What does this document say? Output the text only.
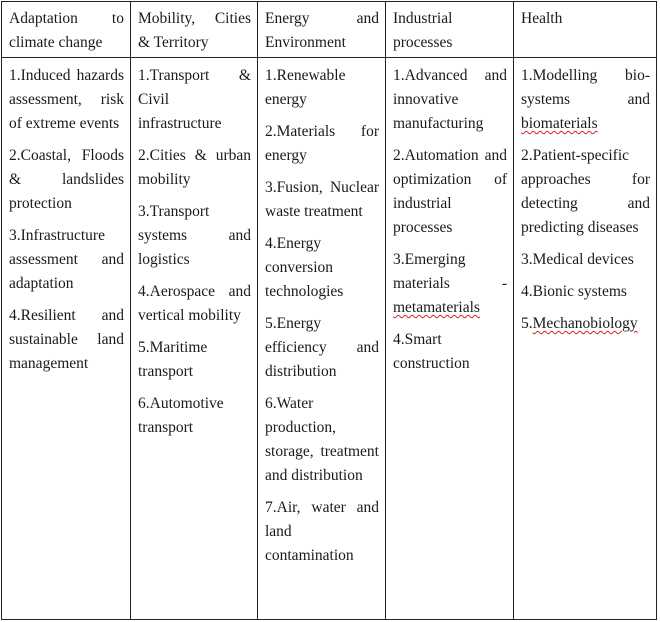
Adaptation to climate change
Mobility, Cities & Territory
Energy and Environment
Industrial processes
Health

1.Induced hazards assessment, risk of extreme events

2.Coastal, Floods & landslides protection

3.Infrastructure assessment and adaptation

4.Resilient and sustainable land management

1.Transport & Civil infrastructure

2.Cities & urban mobility

3.Transport systems and logistics

4.Aerospace and vertical mobility

5.Maritime transport

6.Automotive transport

1.Renewable energy

2.Materials for energy

3.Fusion, Nuclear waste treatment

4.Energy conversion technologies

5.Energy efficiency and distribution

6.Water production, storage, treatment and distribution

7.Air, water and land contamination

1.Advanced and innovative manufacturing

2.Automation and optimization of industrial processes

3.Emerging materials - metamaterials

4.Smart construction

1.Modelling bio-systems and biomaterials

2.Patient-specific approaches for detecting and predicting diseases

3.Medical devices

4.Bionic systems

5.Mechanobiology
